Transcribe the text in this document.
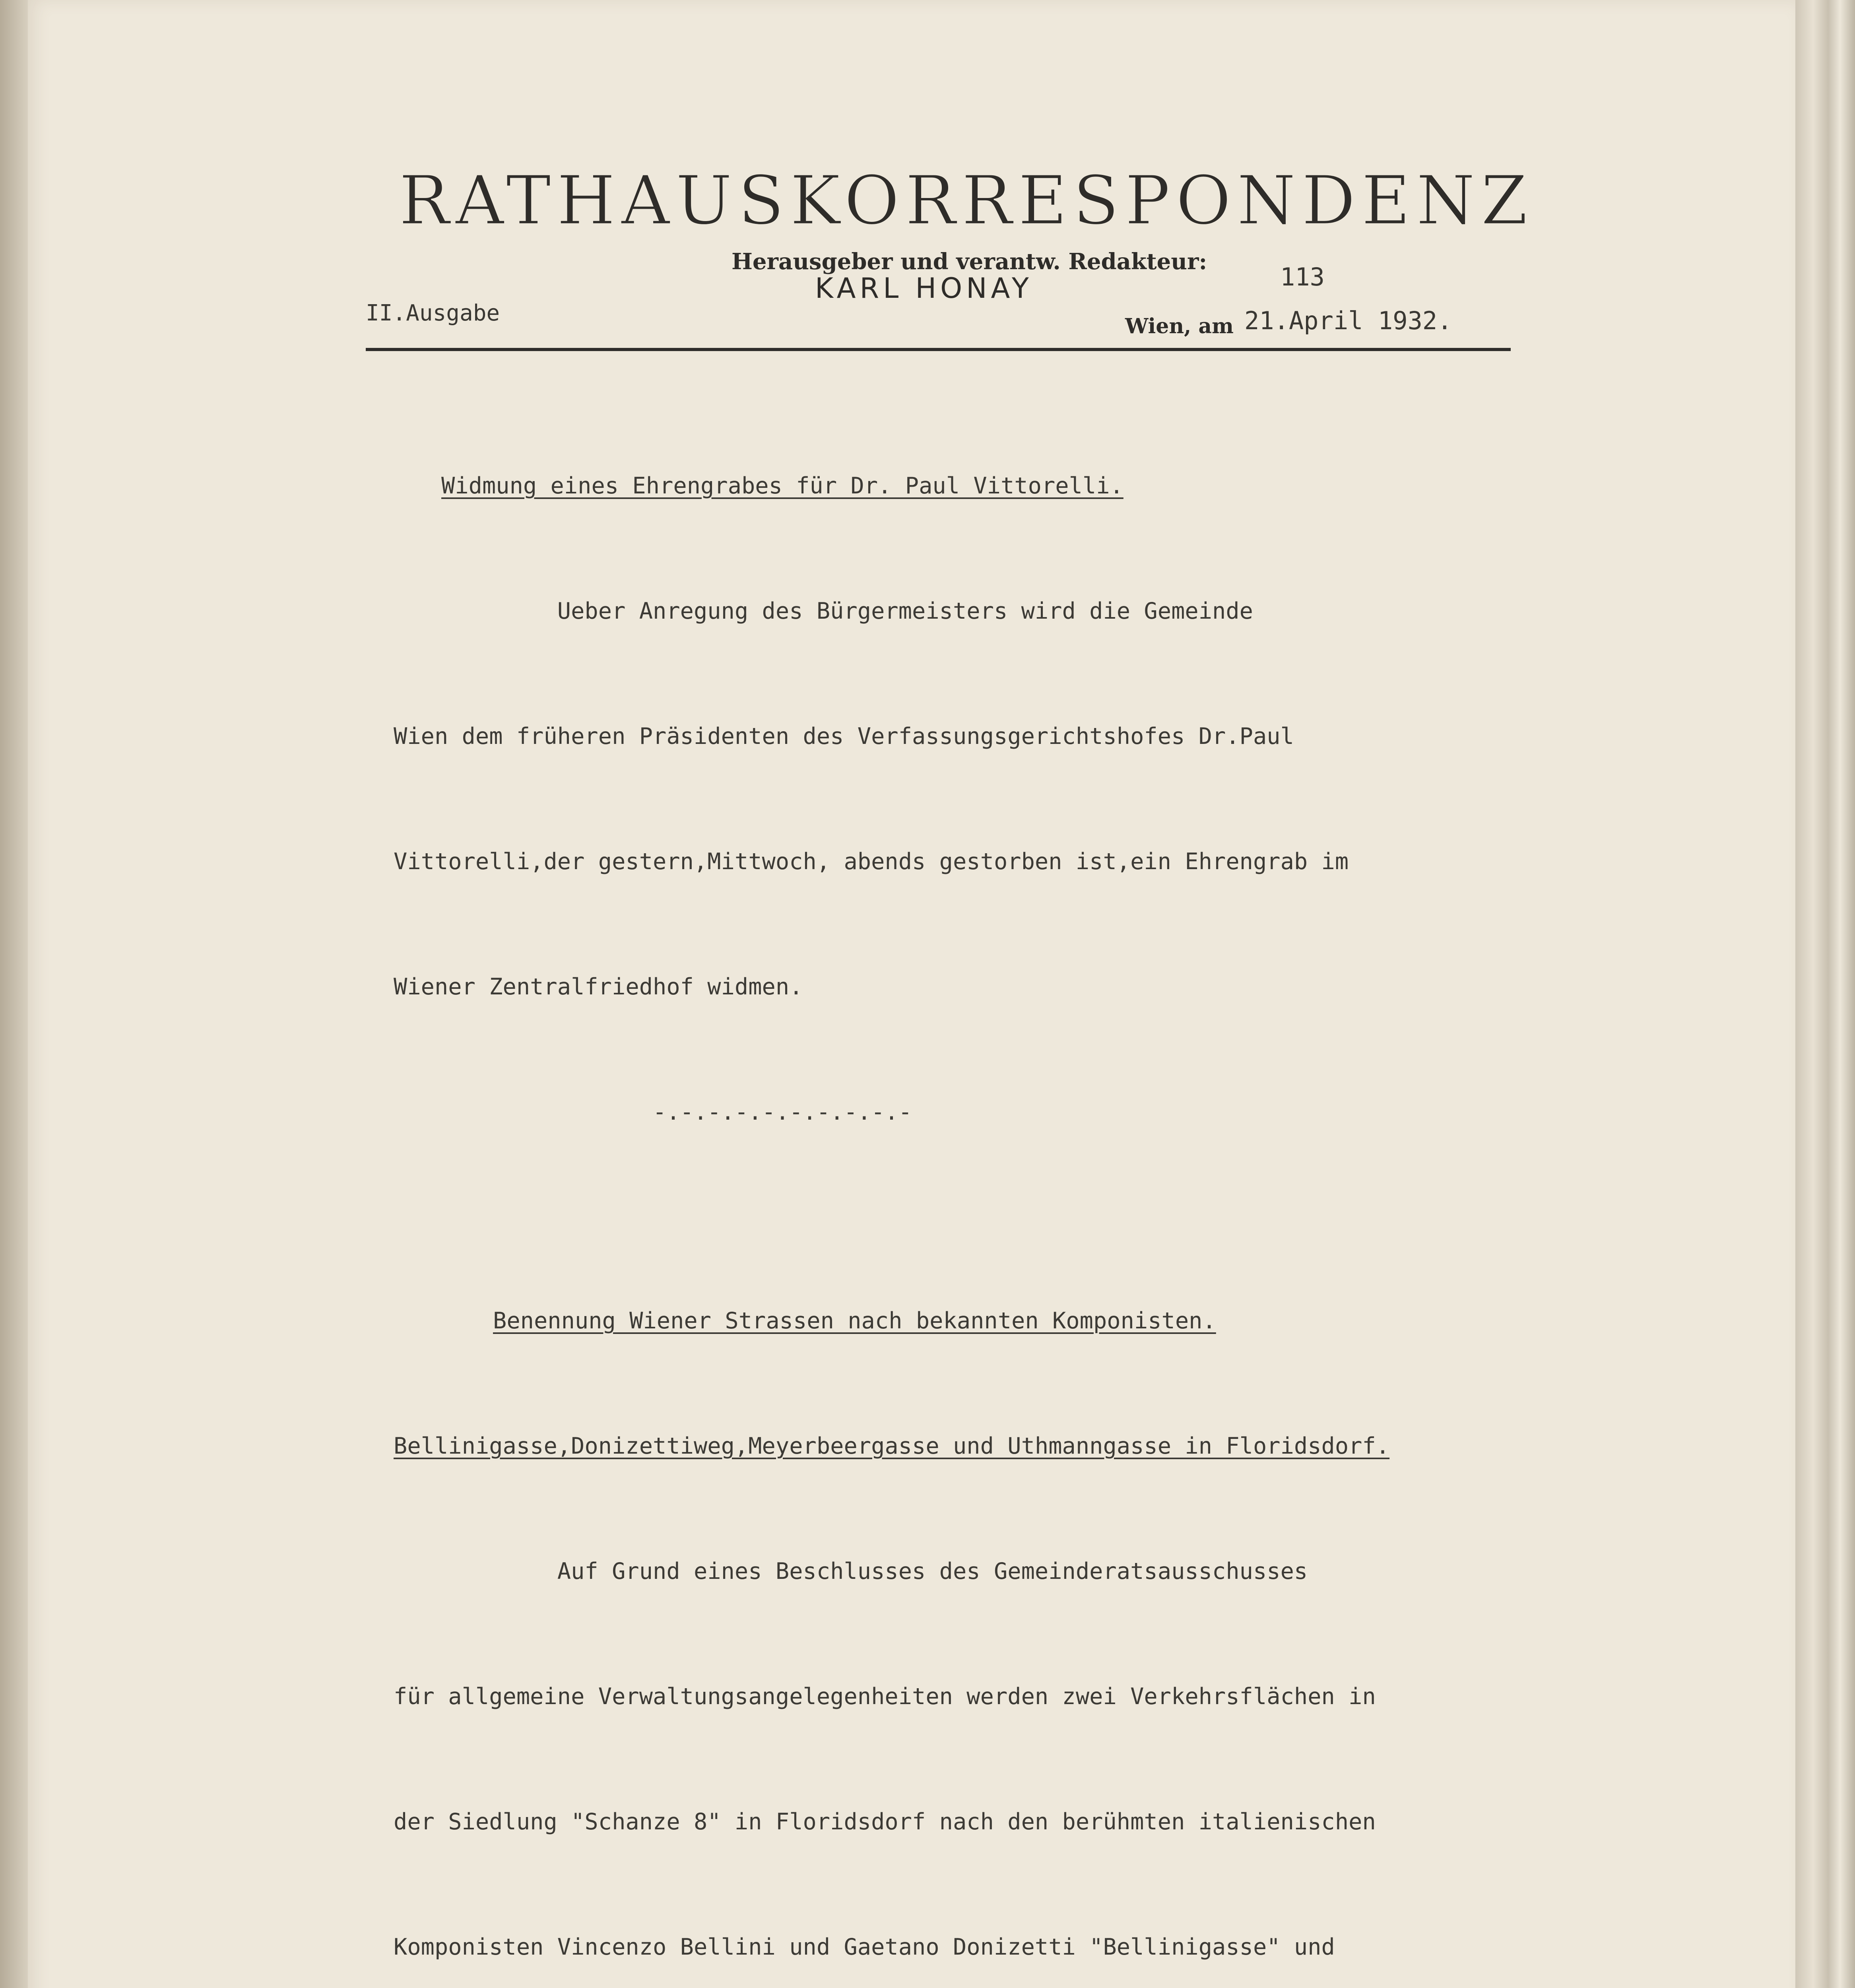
RATHAUSKORRESPONDENZ
Herausgeber und verantw. Redakteur:
KARL HONAY	113
II.Ausgabe
Wien, am 21.April 1932.

Widmung eines Ehrengrabes für Dr. Paul Vittorelli.

Ueber Anregung des Bürgermeisters wird die Gemeinde

Wien dem früheren Präsidenten des Verfassungsgerichtshofes Dr.Paul

Vittorelli,der gestern,Mittwoch, abends gestorben ist,ein Ehrengrab im

Wiener Zentralfriedhof widmen.

-.-.-.-.-.-.-.-.-.-

Benennung Wiener Strassen nach bekannten Komponisten.

Bellinigasse,Donizettiweg,Meyerbeergasse und Uthmanngasse in Floridsdorf.

Auf Grund eines Beschlusses des Gemeinderatsausschusses

für allgemeine Verwaltungsangelegenheiten werden zwei Verkehrsflächen in

der Siedlung "Schanze 8" in Floridsdorf nach den berühmten italienischen

Komponisten Vincenzo Bellini und Gaetano Donizetti "Bellinigasse" und
